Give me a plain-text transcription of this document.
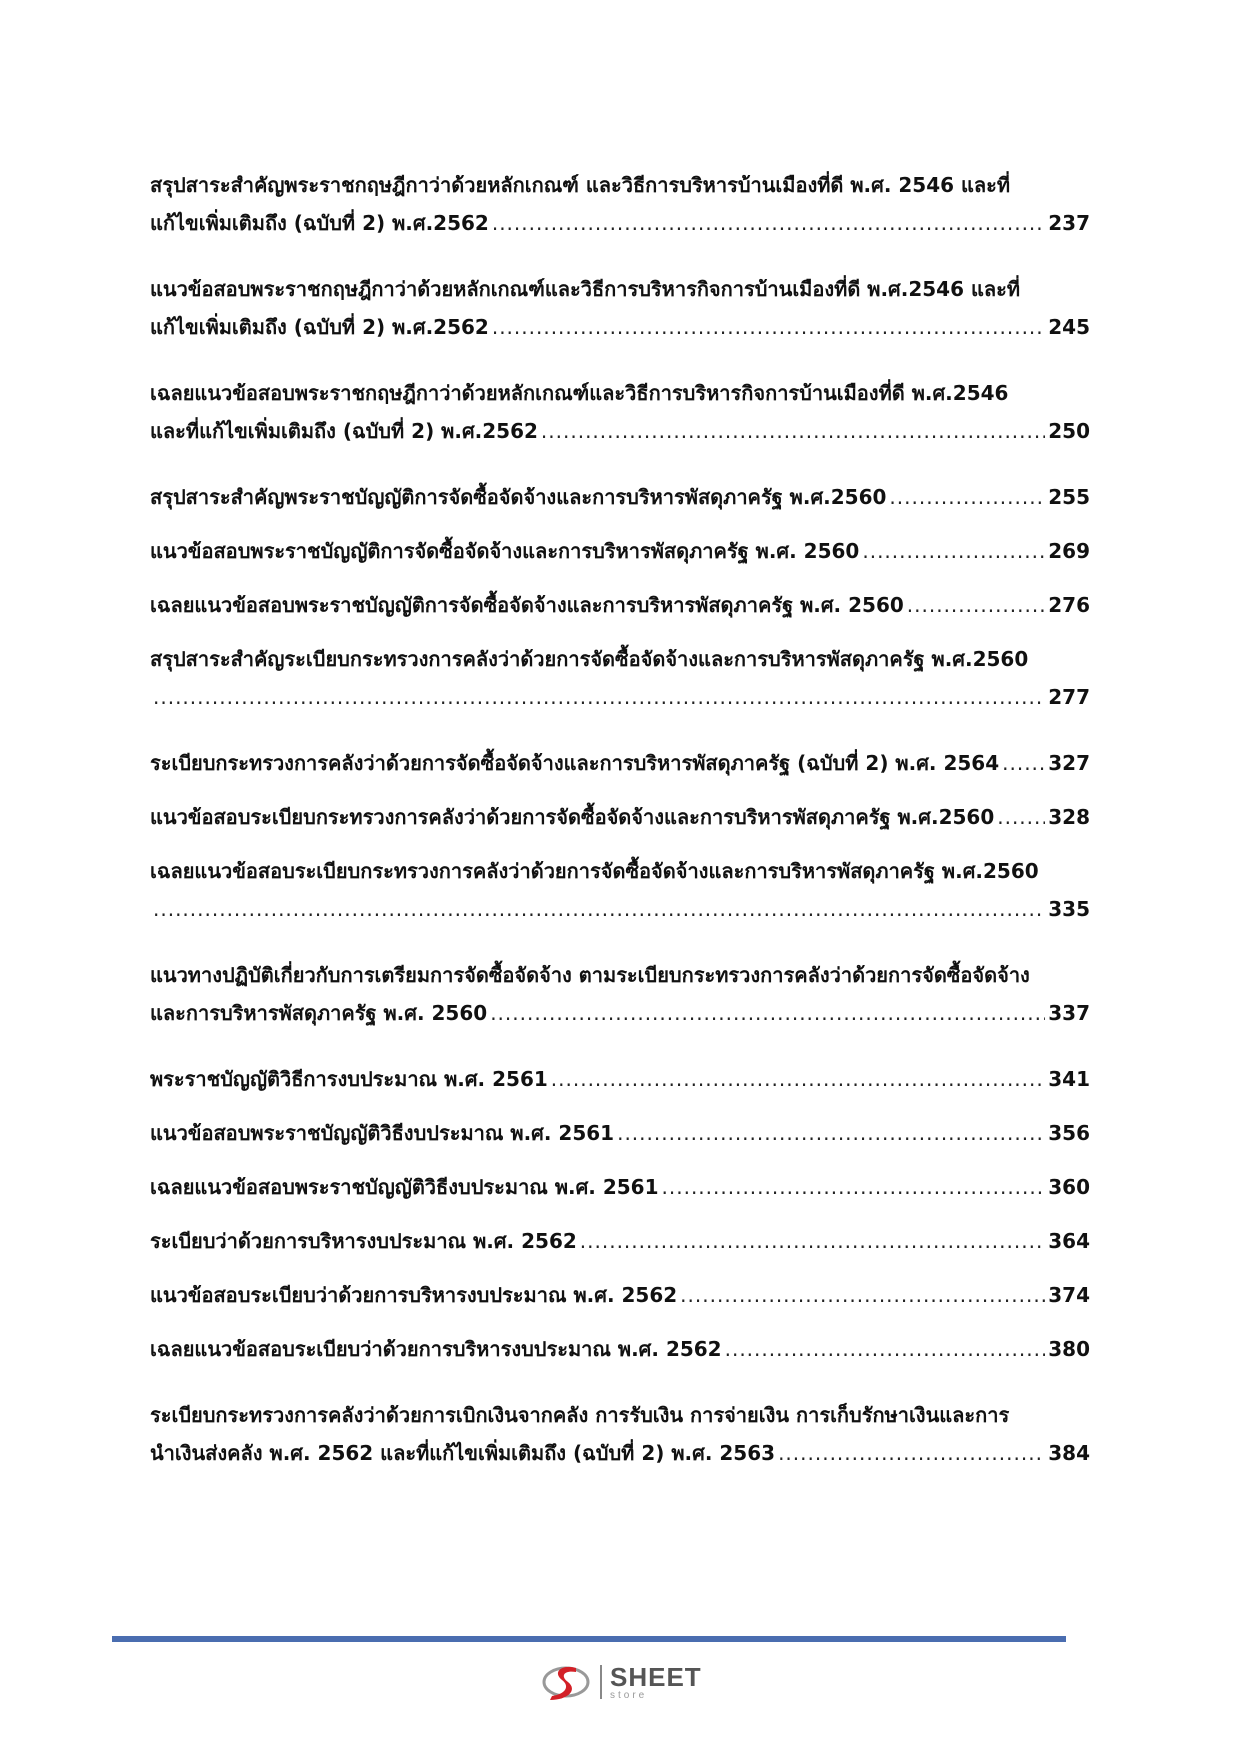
สรุปสาระสำคัญพระราชกฤษฎีกาว่าด้วยหลักเกณฑ์ และวิธีการบริหารบ้านเมืองที่ดี พ.ศ. 2546 และที่
แก้ไขเพิ่มเติมถึง (ฉบับที่ 2) พ.ศ.2562 .....	237

แนวข้อสอบพระราชกฤษฎีกาว่าด้วยหลักเกณฑ์และวิธีการบริหารกิจการบ้านเมืองที่ดี พ.ศ.2546 และที่
แก้ไขเพิ่มเติมถึง (ฉบับที่ 2) พ.ศ.2562 .....	245

เฉลยแนวข้อสอบพระราชกฤษฎีกาว่าด้วยหลักเกณฑ์และวิธีการบริหารกิจการบ้านเมืองที่ดี พ.ศ.2546
และที่แก้ไขเพิ่มเติมถึง (ฉบับที่ 2) พ.ศ.2562 .....	250

สรุปสาระสำคัญพระราชบัญญัติการจัดซื้อจัดจ้างและการบริหารพัสดุภาครัฐ พ.ศ.2560 .....	255

แนวข้อสอบพระราชบัญญัติการจัดซื้อจัดจ้างและการบริหารพัสดุภาครัฐ พ.ศ. 2560 .....	269

เฉลยแนวข้อสอบพระราชบัญญัติการจัดซื้อจัดจ้างและการบริหารพัสดุภาครัฐ พ.ศ. 2560 .....	276

สรุปสาระสำคัญระเบียบกระทรวงการคลังว่าด้วยการจัดซื้อจัดจ้างและการบริหารพัสดุภาครัฐ พ.ศ.2560
.....
277

ระเบียบกระทรวงการคลังว่าด้วยการจัดซื้อจัดจ้างและการบริหารพัสดุภาครัฐ (ฉบับที่ 2) พ.ศ. 2564 ..... 327

แนวข้อสอบระเบียบกระทรวงการคลังว่าด้วยการจัดซื้อจัดจ้างและการบริหารพัสดุภาครัฐ พ.ศ.2560 .....	328

เฉลยแนวข้อสอบระเบียบกระทรวงการคลังว่าด้วยการจัดซื้อจัดจ้างและการบริหารพัสดุภาครัฐ พ.ศ.2560
.....
335

แนวทางปฏิบัติเกี่ยวกับการเตรียมการจัดซื้อจัดจ้าง ตามระเบียบกระทรวงการคลังว่าด้วยการจัดซื้อจัดจ้าง
และการบริหารพัสดุภาครัฐ พ.ศ. 2560 .....	337

พระราชบัญญัติวิธีการงบประมาณ พ.ศ. 2561 .....	341

แนวข้อสอบพระราชบัญญัติวิธีงบประมาณ พ.ศ. 2561 .....	356

เฉลยแนวข้อสอบพระราชบัญญัติวิธีงบประมาณ พ.ศ. 2561 .....	360

ระเบียบว่าด้วยการบริหารงบประมาณ พ.ศ. 2562 .....	364

แนวข้อสอบระเบียบว่าด้วยการบริหารงบประมาณ พ.ศ. 2562 .....	374

เฉลยแนวข้อสอบระเบียบว่าด้วยการบริหารงบประมาณ พ.ศ. 2562 .....	380

ระเบียบกระทรวงการคลังว่าด้วยการเบิกเงินจากคลัง การรับเงิน การจ่ายเงิน การเก็บรักษาเงินและการ
นำเงินส่งคลัง พ.ศ. 2562 และที่แก้ไขเพิ่มเติมถึง (ฉบับที่ 2) พ.ศ. 2563 .....	384

SHEET
store
